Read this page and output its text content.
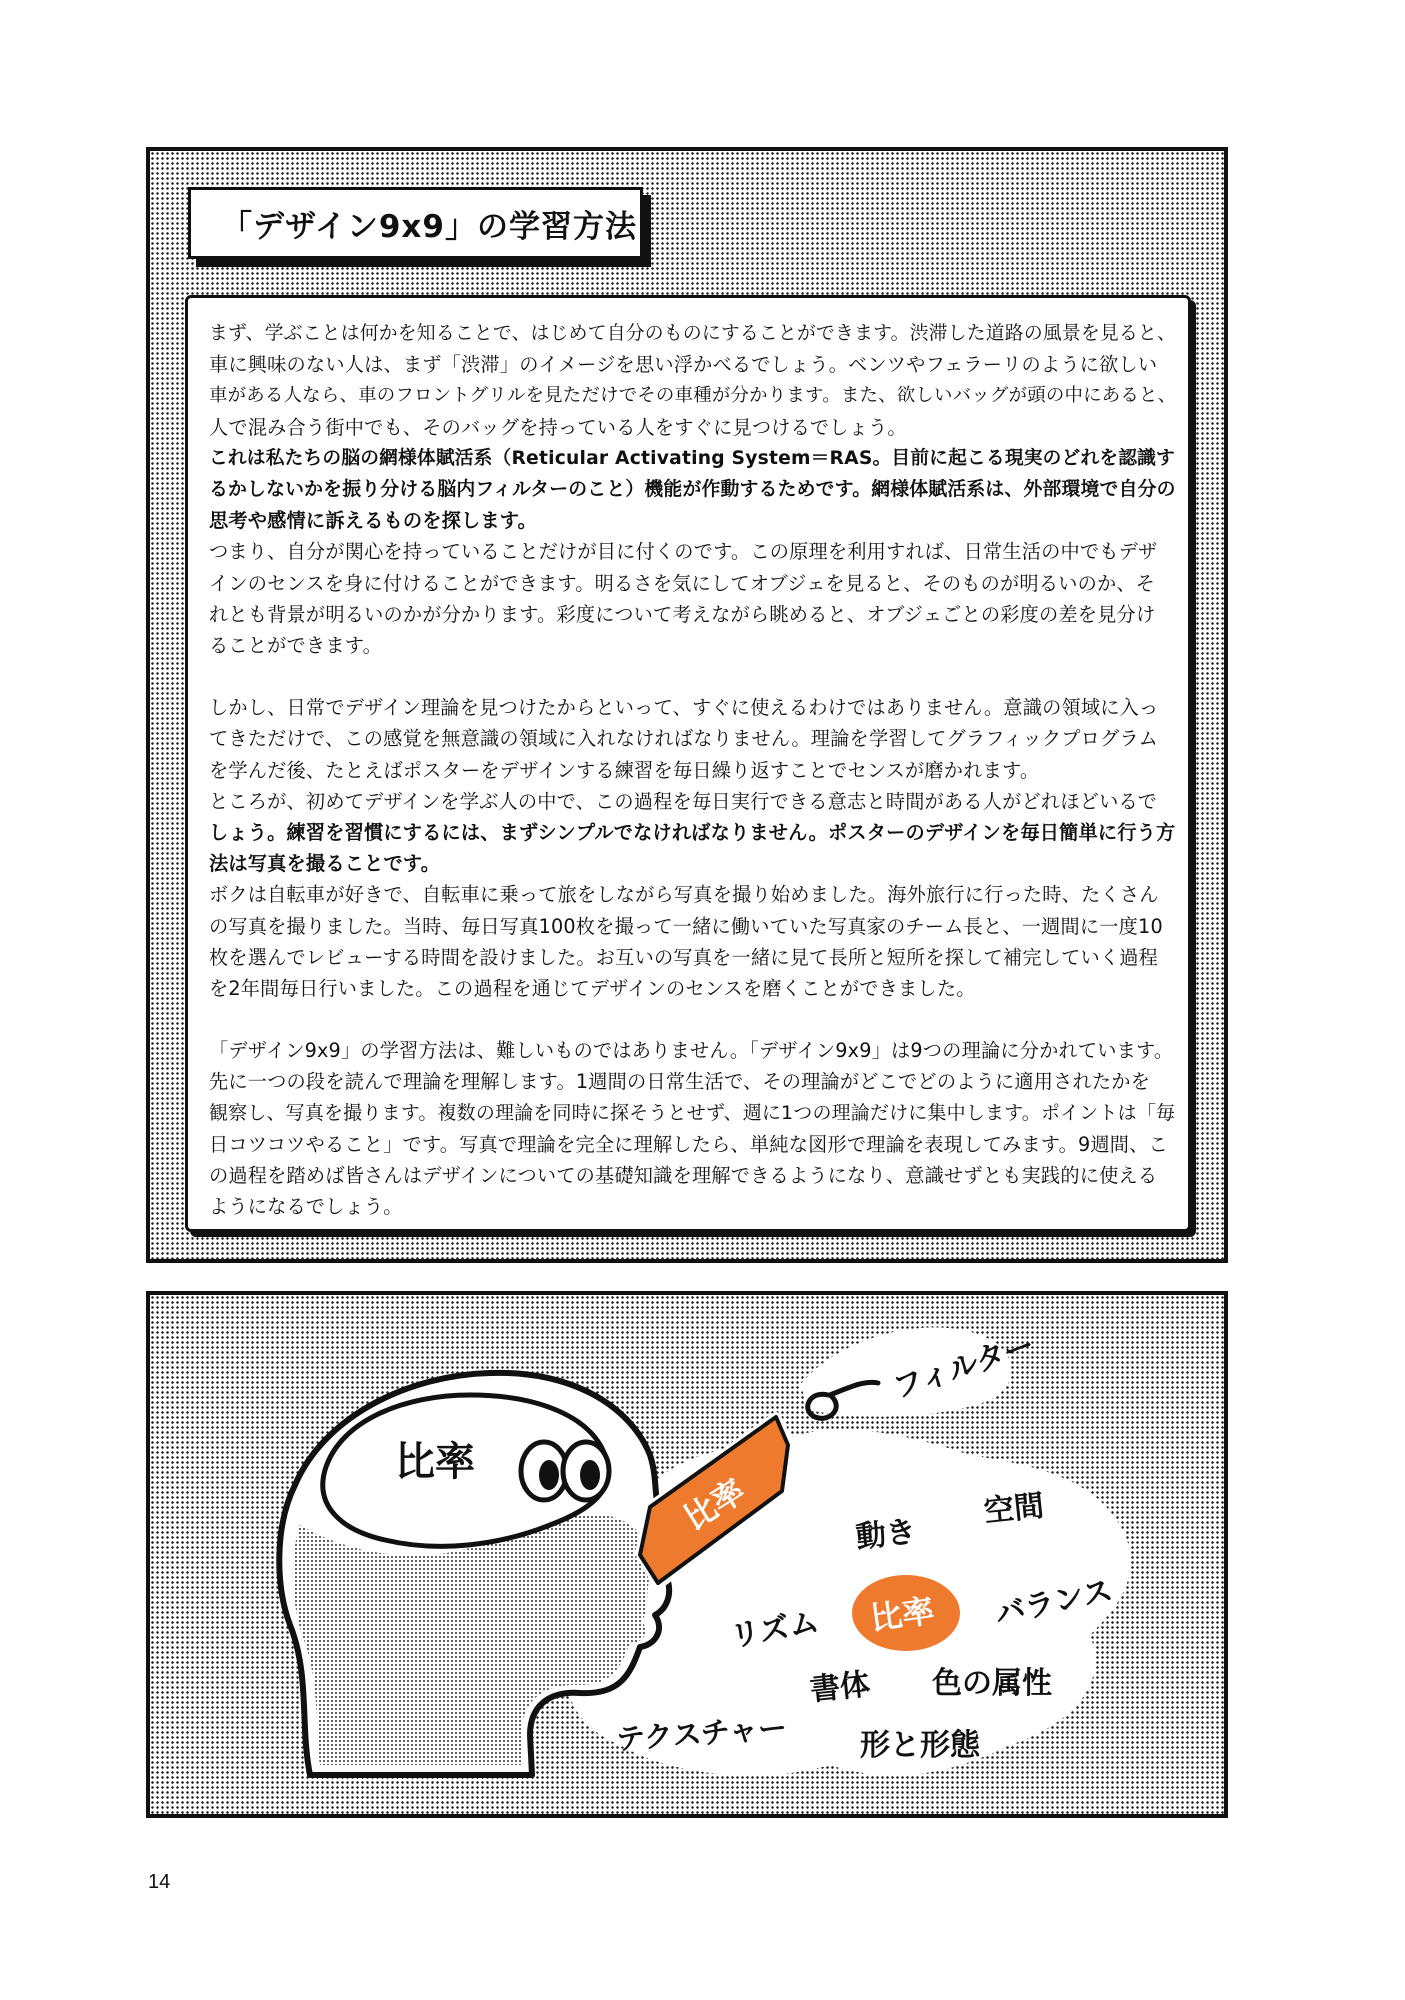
「デザイン9x9」の学習方法

まず、学ぶことは何かを知ることで、はじめて自分のものにすることができます。渋滞した道路の風景を見ると、
車に興味のない人は、まず「渋滞」のイメージを思い浮かべるでしょう。ベンツやフェラーリのように欲しい
車がある人なら、車のフロントグリルを見ただけでその車種が分かります。また、欲しいバッグが頭の中にあると、
人で混み合う街中でも、そのバッグを持っている人をすぐに見つけるでしょう。

これは私たちの脳の網様体賦活系（Reticular Activating System＝RAS。目前に起こる現実のどれを認識す
るかしないかを振り分ける脳内フィルターのこと）機能が作動するためです。網様体賦活系は、外部環境で自分の
思考や感情に訴えるものを探します。

つまり、自分が関心を持っていることだけが目に付くのです。この原理を利用すれば、日常生活の中でもデザ
インのセンスを身に付けることができます。明るさを気にしてオブジェを見ると、そのものが明るいのか、そ
れとも背景が明るいのかが分かります。彩度について考えながら眺めると、オブジェごとの彩度の差を見分け
ることができます。

しかし、日常でデザイン理論を見つけたからといって、すぐに使えるわけではありません。意識の領域に入っ
てきただけで、この感覚を無意識の領域に入れなければなりません。理論を学習してグラフィックプログラム
を学んだ後、たとえばポスターをデザインする練習を毎日繰り返すことでセンスが磨かれます。
ところが、初めてデザインを学ぶ人の中で、この過程を毎日実行できる意志と時間がある人がどれほどいるで

しょう。練習を習慣にするには、まずシンプルでなければなりません。ポスターのデザインを毎日簡単に行う方
法は写真を撮ることです。

ボクは自転車が好きで、自転車に乗って旅をしながら写真を撮り始めました。海外旅行に行った時、たくさん
の写真を撮りました。当時、毎日写真100枚を撮って一緒に働いていた写真家のチーム長と、一週間に一度10
枚を選んでレビューする時間を設けました。お互いの写真を一緒に見て長所と短所を探して補完していく過程
を2年間毎日行いました。この過程を通じてデザインのセンスを磨くことができました。

「デザイン9x9」の学習方法は、難しいものではありません。「デザイン9x9」は9つの理論に分かれています。
先に一つの段を読んで理論を理解します。1週間の日常生活で、その理論がどこでどのように適用されたかを
観察し、写真を撮ります。複数の理論を同時に探そうとせず、週に1つの理論だけに集中します。ポイントは「毎
日コツコツやること」です。写真で理論を完全に理解したら、単純な図形で理論を表現してみます。9週間、こ
の過程を踏めば皆さんはデザインについての基礎知識を理解できるようになり、意識せずとも実践的に使える
ようになるでしょう。

比率
比率
フィルター
比率
動き
空間
リズム	バランス
書体 色の属性
テクスチャー 形と形態
14
